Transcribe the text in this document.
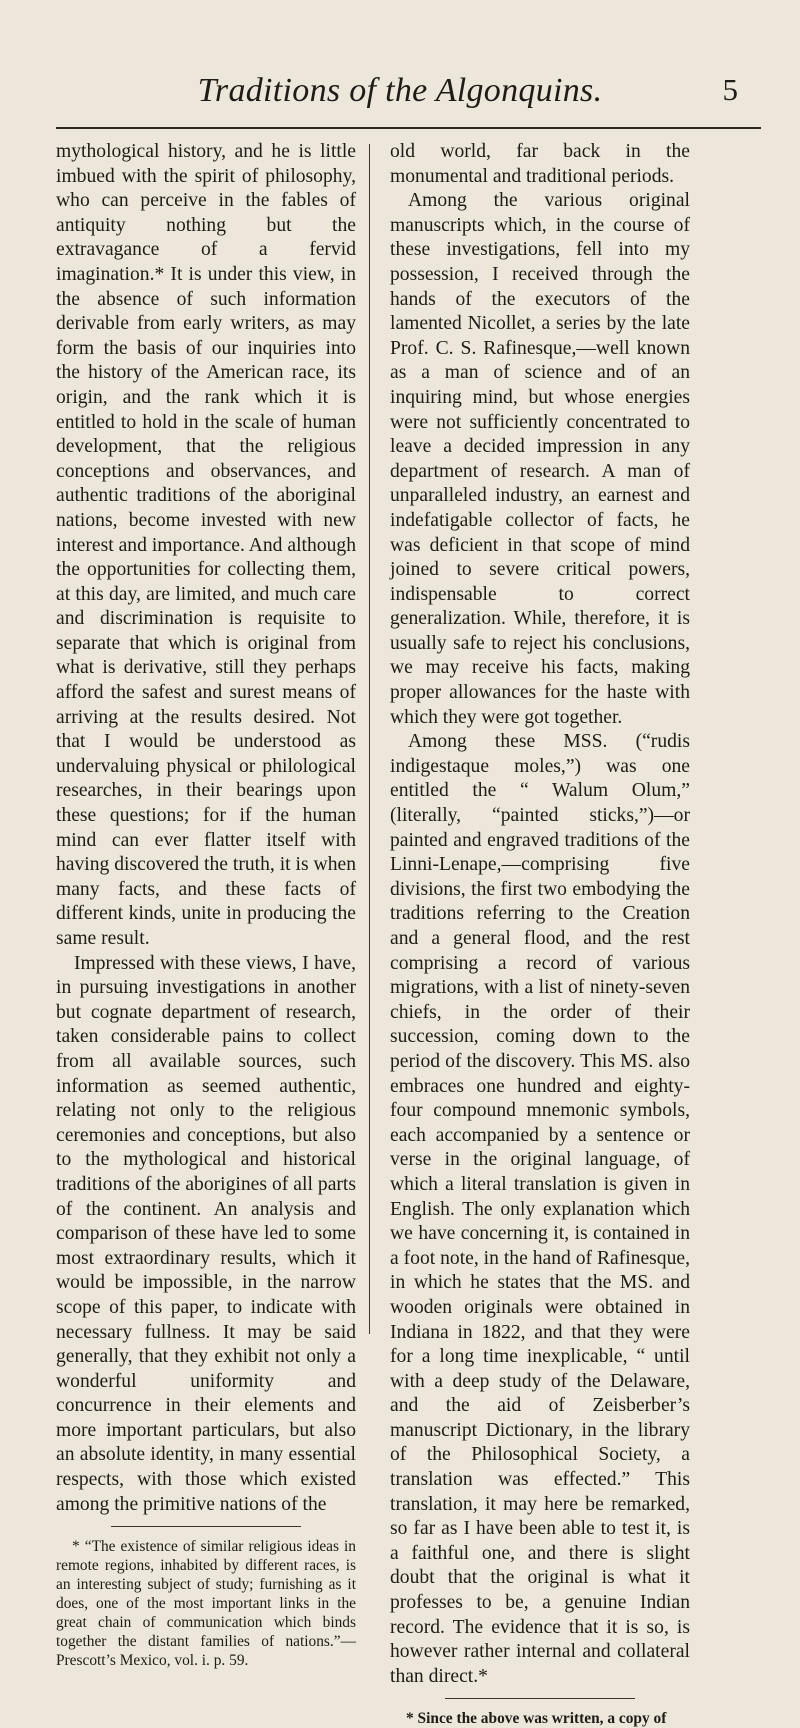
Traditions of the Algonquins.	5

mythological history, and he is little imbued with the spirit of philosophy, who can perceive in the fables of antiquity nothing but the extravagance of a fervid imagination.* It is under this view, in the absence of such information derivable from early writers, as may form the basis of our inquiries into the history of the American race, its origin, and the rank which it is entitled to hold in the scale of human development, that the religious conceptions and observances, and authentic traditions of the aboriginal nations, become invested with new interest and importance. And although the opportunities for collecting them, at this day, are limited, and much care and discrimination is requisite to separate that which is original from what is derivative, still they perhaps afford the safest and surest means of arriving at the results desired. Not that I would be understood as undervaluing physical or philological researches, in their bearings upon these questions; for if the human mind can ever flatter itself with having discovered the truth, it is when many facts, and these facts of different kinds, unite in producing the same result.

Impressed with these views, I have, in pursuing investigations in another but cognate department of research, taken considerable pains to collect from all available sources, such information as seemed authentic, relating not only to the religious ceremonies and conceptions, but also to the mythological and historical traditions of the aborigines of all parts of the continent. An analysis and comparison of these have led to some most extraordinary results, which it would be impossible, in the narrow scope of this paper, to indicate with necessary fullness. It may be said generally, that they exhibit not only a wonderful uniformity and concurrence in their elements and more important particulars, but also an absolute identity, in many essential respects, with those which existed among the primitive nations of the

* “The existence of similar religious ideas in remote regions, inhabited by different races, is an interesting subject of study; furnishing as it does, one of the most important links in the great chain of communication which binds together the distant families of nations.”—Prescott’s Mexico, vol. i. p. 59.

old world, far back in the monumental and traditional periods.

Among the various original manuscripts which, in the course of these investigations, fell into my possession, I received through the hands of the executors of the lamented Nicollet, a series by the late Prof. C. S. Rafinesque,—well known as a man of science and of an inquiring mind, but whose energies were not sufficiently concentrated to leave a decided impression in any department of research. A man of unparalleled industry, an earnest and indefatigable collector of facts, he was deficient in that scope of mind joined to severe critical powers, indispensable to correct generalization. While, therefore, it is usually safe to reject his conclusions, we may receive his facts, making proper allowances for the haste with which they were got together.

Among these MSS. (“rudis indigestaque moles,”) was one entitled the “ Walum Olum,” (literally, “painted sticks,”)—or painted and engraved traditions of the Linni-Lenape,—comprising five divisions, the first two embodying the traditions referring to the Creation and a general flood, and the rest comprising a record of various migrations, with a list of ninety-seven chiefs, in the order of their succession, coming down to the period of the discovery. This MS. also embraces one hundred and eighty-four compound mnemonic symbols, each accompanied by a sentence or verse in the original language, of which a literal translation is given in English. The only explanation which we have concerning it, is contained in a foot note, in the hand of Rafinesque, in which he states that the MS. and wooden originals were obtained in Indiana in 1822, and that they were for a long time inexplicable, “ until with a deep study of the Delaware, and the aid of Zeisberber’s manuscript Dictionary, in the library of the Philosophical Society, a translation was effected.” This translation, it may here be remarked, so far as I have been able to test it, is a faithful one, and there is slight doubt that the original is what it professes to be, a genuine Indian record. The evidence that it is so, is however rather internal and collateral than direct.*

* Since the above was written, a copy of
